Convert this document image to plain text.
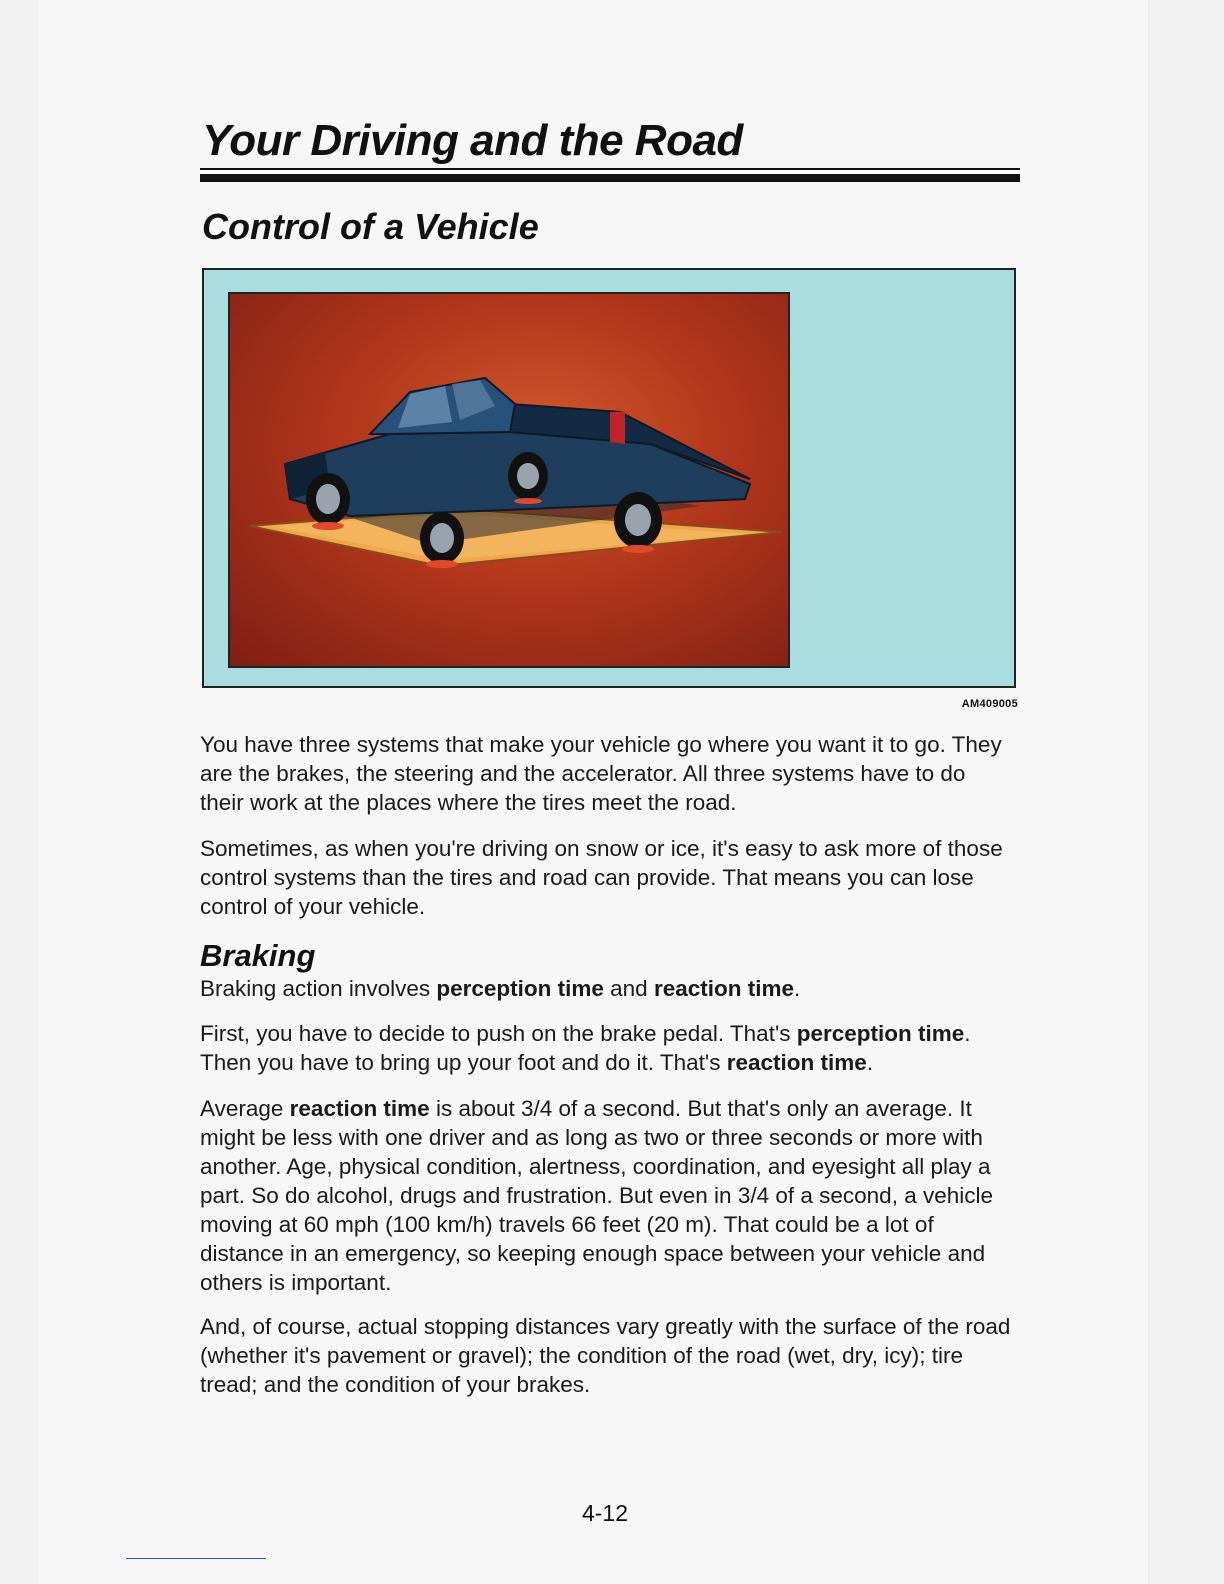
Your Driving and the Road
Control of a Vehicle
AM409005

You have three systems that make your vehicle go where you want it to go. They are the brakes, the steering and the accelerator. All three systems have to do their work at the places where the tires meet the road.

Sometimes, as when you're driving on snow or ice, it's easy to ask more of those control systems than the tires and road can provide. That means you can lose control of your vehicle.

Braking

Braking action involves perception time and reaction time.

First, you have to decide to push on the brake pedal. That's perception time. Then you have to bring up your foot and do it. That's reaction time.

Average reaction time is about 3/4 of a second. But that's only an average. It might be less with one driver and as long as two or three seconds or more with another. Age, physical condition, alertness, coordination, and eyesight all play a part. So do alcohol, drugs and frustration. But even in 3/4 of a second, a vehicle moving at 60 mph (100 km/h) travels 66 feet (20 m). That could be a lot of distance in an emergency, so keeping enough space between your vehicle and others is important.

And, of course, actual stopping distances vary greatly with the surface of the road (whether it's pavement or gravel); the condition of the road (wet, dry, icy); tire tread; and the condition of your brakes.

4-12
